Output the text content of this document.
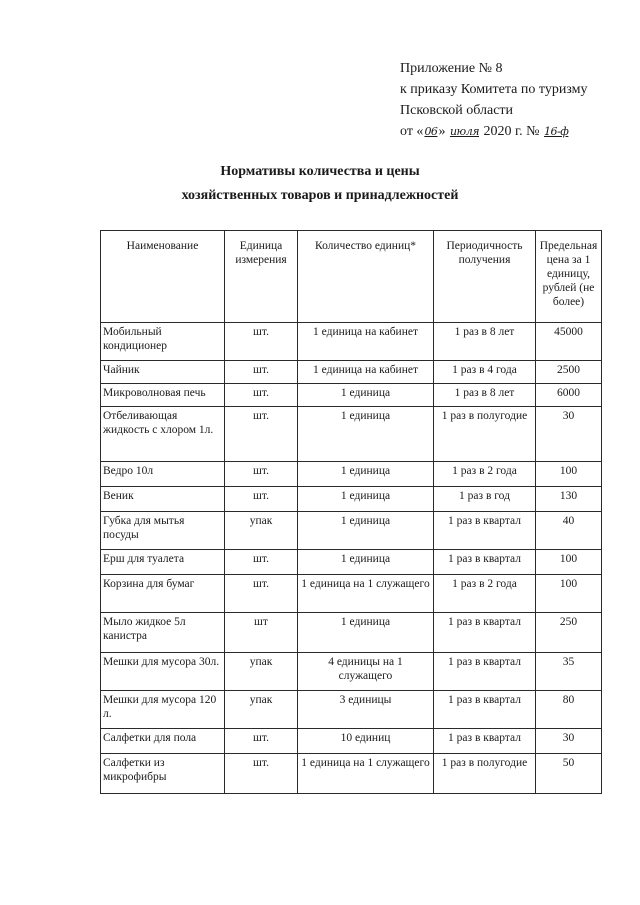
Приложение № 8
к приказу Комитета по туризму
Псковской области
от «06» июля 2020 г. № 16-ф
Нормативы количества и цены
хозяйственных товаров и принадлежностей
Наименование	Единица измерения	Количество единиц*	Периодичность получения	Предельная цена за 1 единицу, рублей (не более)
Мобильный кондиционер	шт.	1 единица на кабинет	1 раз в 8 лет	45000
Чайник	шт.	1 единица на кабинет	1 раз в 4 года	2500
Микроволновая печь	шт.	1 единица	1 раз в 8 лет	6000
Отбеливающая жидкость с хлором 1л.	шт.	1 единица	1 раз в полугодие	30
Ведро 10л	шт.	1 единица	1 раз в 2 года	100
Веник	шт.	1 единица	1 раз в год	130
Губка для мытья посуды	упак	1 единица	1 раз в квартал	40
Ерш для туалета	шт.	1 единица	1 раз в квартал	100
Корзина для бумаг	шт.	1 единица на 1 служащего	1 раз в 2 года	100
Мыло жидкое 5л канистра	шт	1 единица	1 раз в квартал	250
Мешки для мусора 30л.	упак	4 единицы на 1 служащего	1 раз в квартал	35
Мешки для мусора 120 л.	упак	3 единицы	1 раз в квартал	80
Салфетки для пола	шт.	10 единиц	1 раз в квартал	30
Салфетки из микрофибры	шт.	1 единица на 1 служащего	1 раз в полугодие	50
